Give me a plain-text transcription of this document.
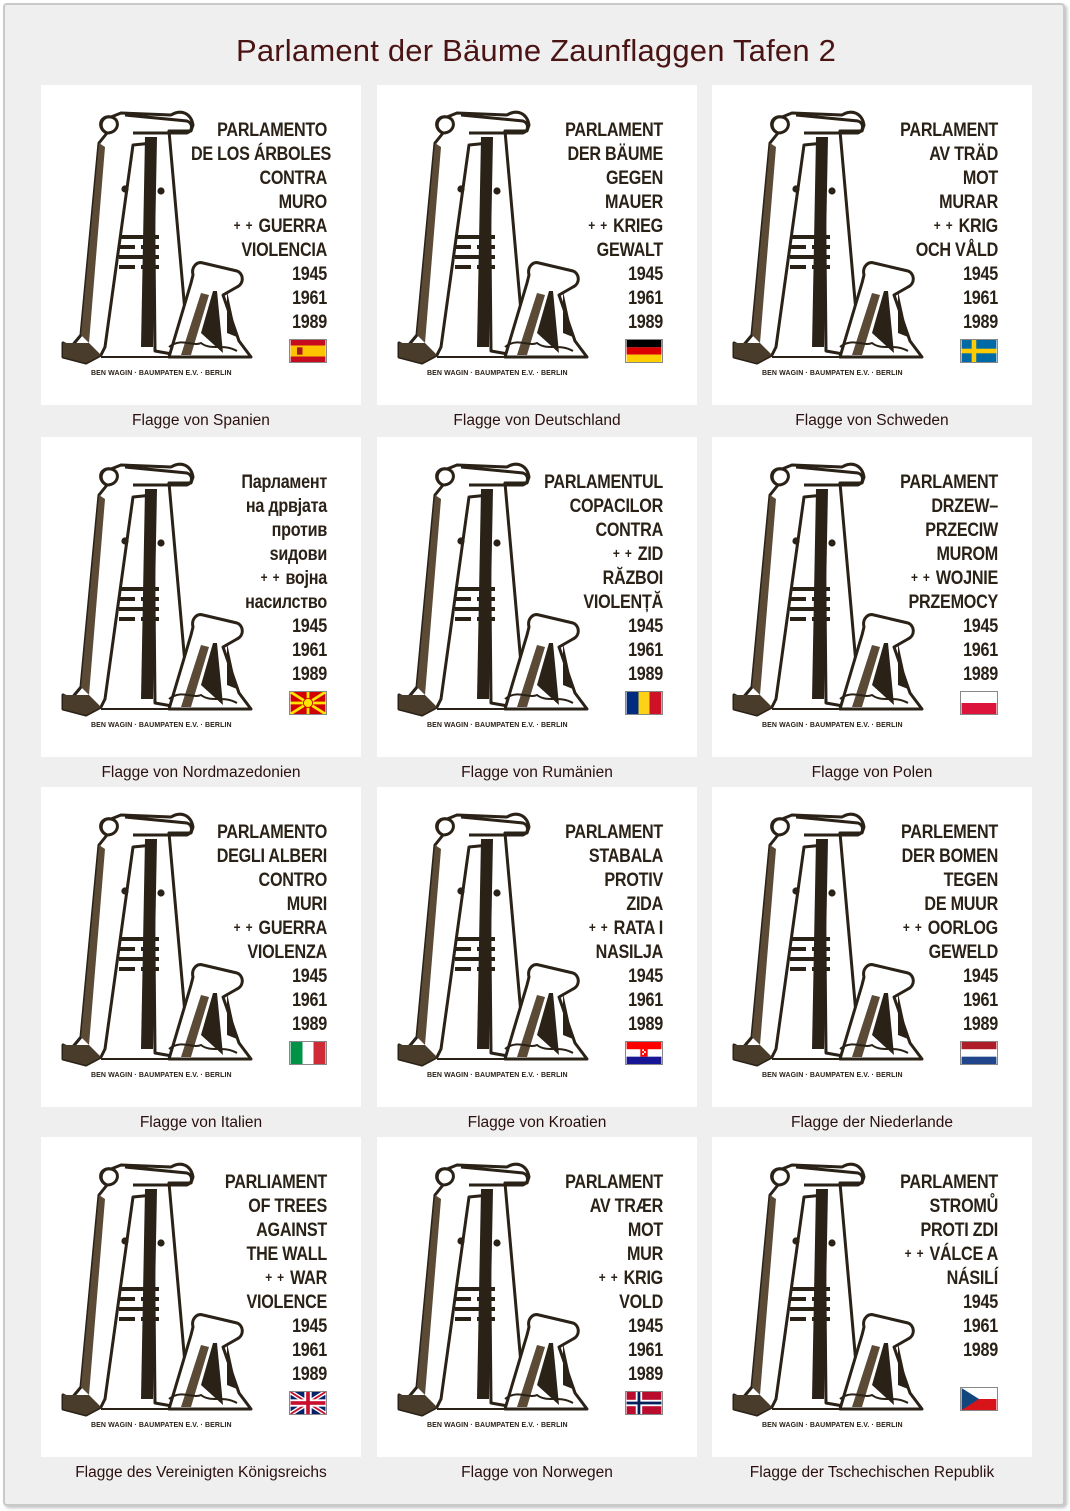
Parlament der Bäume Zaunflaggen Tafen 2
PARLAMENTO
DE LOS ÁRBOLES
CONTRA
MURO
+ + GUERRA
VIOLENCIA
1945
1961
1989
BEN WAGIN · BAUMPATEN E.V. · BERLIN
Flagge von Spanien
PARLAMENT
DER BÄUME
GEGEN
MAUER
+ + KRIEG
GEWALT
1945
1961
1989
BEN WAGIN · BAUMPATEN E.V. · BERLIN
Flagge von Deutschland
PARLAMENT
AV TRÄD
MOT
MURAR
+ + KRIG
OCH VÅLD
1945
1961
1989
BEN WAGIN · BAUMPATEN E.V. · BERLIN
Flagge von Schweden
Парламент
на дрвјата
против
ѕидови
+ + војна
насилство
1945
1961
1989
BEN WAGIN · BAUMPATEN E.V. · BERLIN
Flagge von Nordmazedonien
PARLAMENTUL
COPACILOR
CONTRA
+ + ZID
RĂZBOI
VIOLENȚĂ
1945
1961
1989
BEN WAGIN · BAUMPATEN E.V. · BERLIN
Flagge von Rumänien
PARLAMENT
DRZEW–
PRZECIW
MUROM
+ + WOJNIE
PRZEMOCY
1945
1961
1989
BEN WAGIN · BAUMPATEN E.V. · BERLIN
Flagge von Polen
PARLAMENTO
DEGLI ALBERI
CONTRO
MURI
+ + GUERRA
VIOLENZA
1945
1961
1989
BEN WAGIN · BAUMPATEN E.V. · BERLIN
Flagge von Italien
PARLAMENT
STABALA
PROTIV
ZIDA
+ + RATA I
NASILJA
1945
1961
1989
BEN WAGIN · BAUMPATEN E.V. · BERLIN
Flagge von Kroatien
PARLEMENT
DER BOMEN
TEGEN
DE MUUR
+ + OORLOG
GEWELD
1945
1961
1989
BEN WAGIN · BAUMPATEN E.V. · BERLIN
Flagge der Niederlande
PARLIAMENT
OF TREES
AGAINST
THE WALL
+ + WAR
VIOLENCE
1945
1961
1989
BEN WAGIN · BAUMPATEN E.V. · BERLIN
Flagge des Vereinigten Königsreichs
PARLAMENT
AV TRÆR
MOT
MUR
+ + KRIG
VOLD
1945
1961
1989
BEN WAGIN · BAUMPATEN E.V. · BERLIN
Flagge von Norwegen
PARLAMENT
STROMŮ
PROTI ZDI
+ + VÁLCE A
NÁSILÍ
1945
1961
1989
BEN WAGIN · BAUMPATEN E.V. · BERLIN
Flagge der Tschechischen Republik
